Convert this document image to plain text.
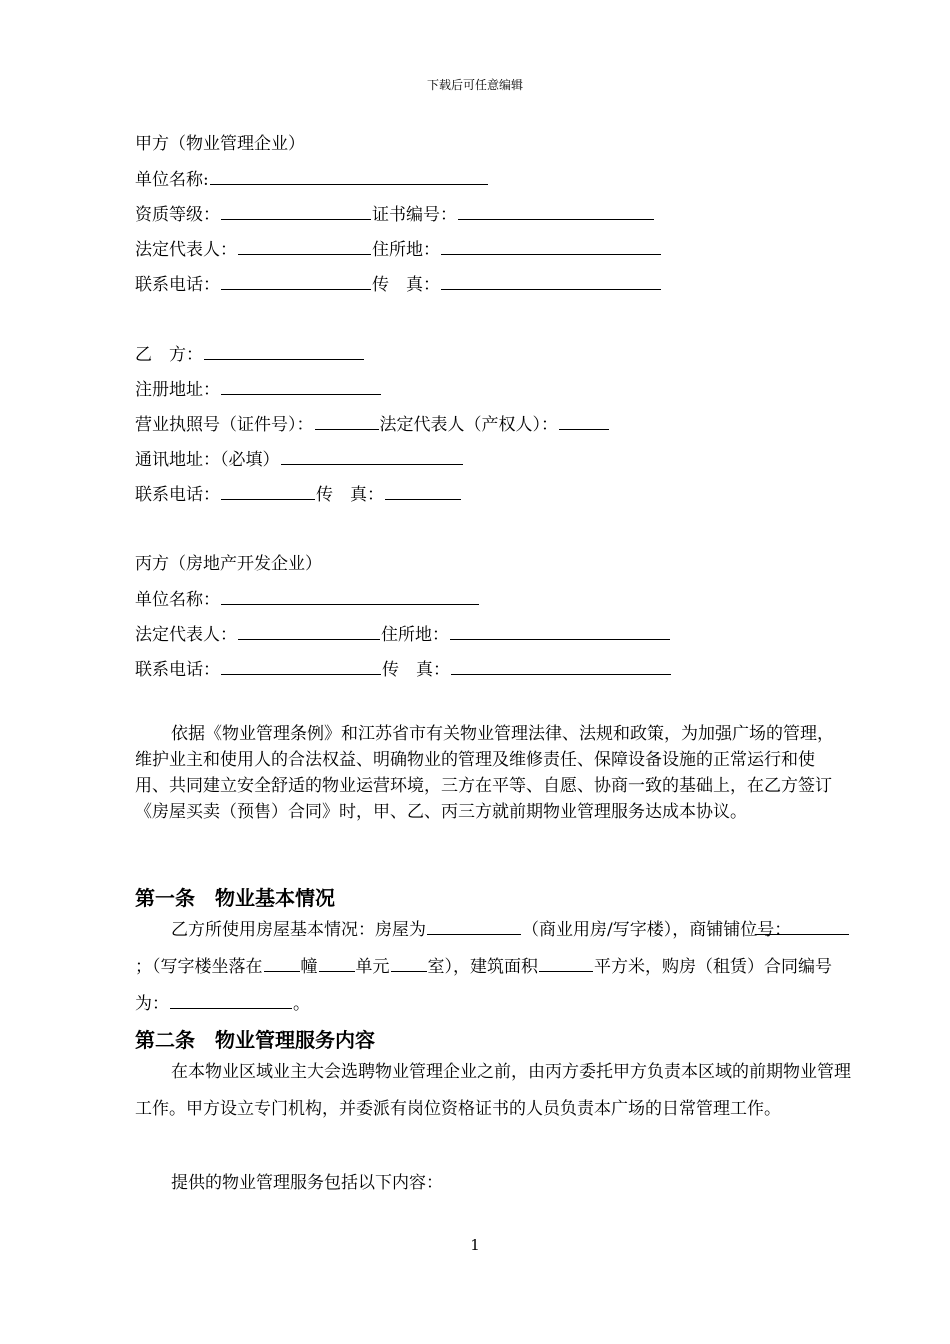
下载后可任意编辑
甲方（物业管理企业）
单位名称:
资质等级：	证书编号：
法定代表人：	住所地：
联系电话：	传　真：
乙　方：
注册地址：
营业执照号（证件号）：	法定代表人（产权人）：
通讯地址：（必填）
联系电话：	传　真：
丙方（房地产开发企业）
单位名称：
法定代表人：	住所地：
联系电话：	传　真：
依据《物业管理条例》和江苏省市有关物业管理法律、法规和政策，为加强广场的管理，维护业主和使用人的合法权益、明确物业的管理及维修责任、保障设备设施的正常运行和使用、共同建立安全舒适的物业运营环境，三方在平等、自愿、协商一致的基础上，在乙方签订《房屋买卖（预售）合同》时，甲、乙、丙三方就前期物业管理服务达成本协议。
第一条　物业基本情况
乙方所使用房屋基本情况：房屋为	（商业用房/写字楼），商铺铺位号：；（写字楼坐落在 幢 单元 室），建筑面积	平方米，购房（租赁）合同编号为：	。
第二条　物业管理服务内容
在本物业区域业主大会选聘物业管理企业之前，由丙方委托甲方负责本区域的前期物业管理工作。甲方设立专门机构，并委派有岗位资格证书的人员负责本广场的日常管理工作。
提供的物业管理服务包括以下内容：
1
